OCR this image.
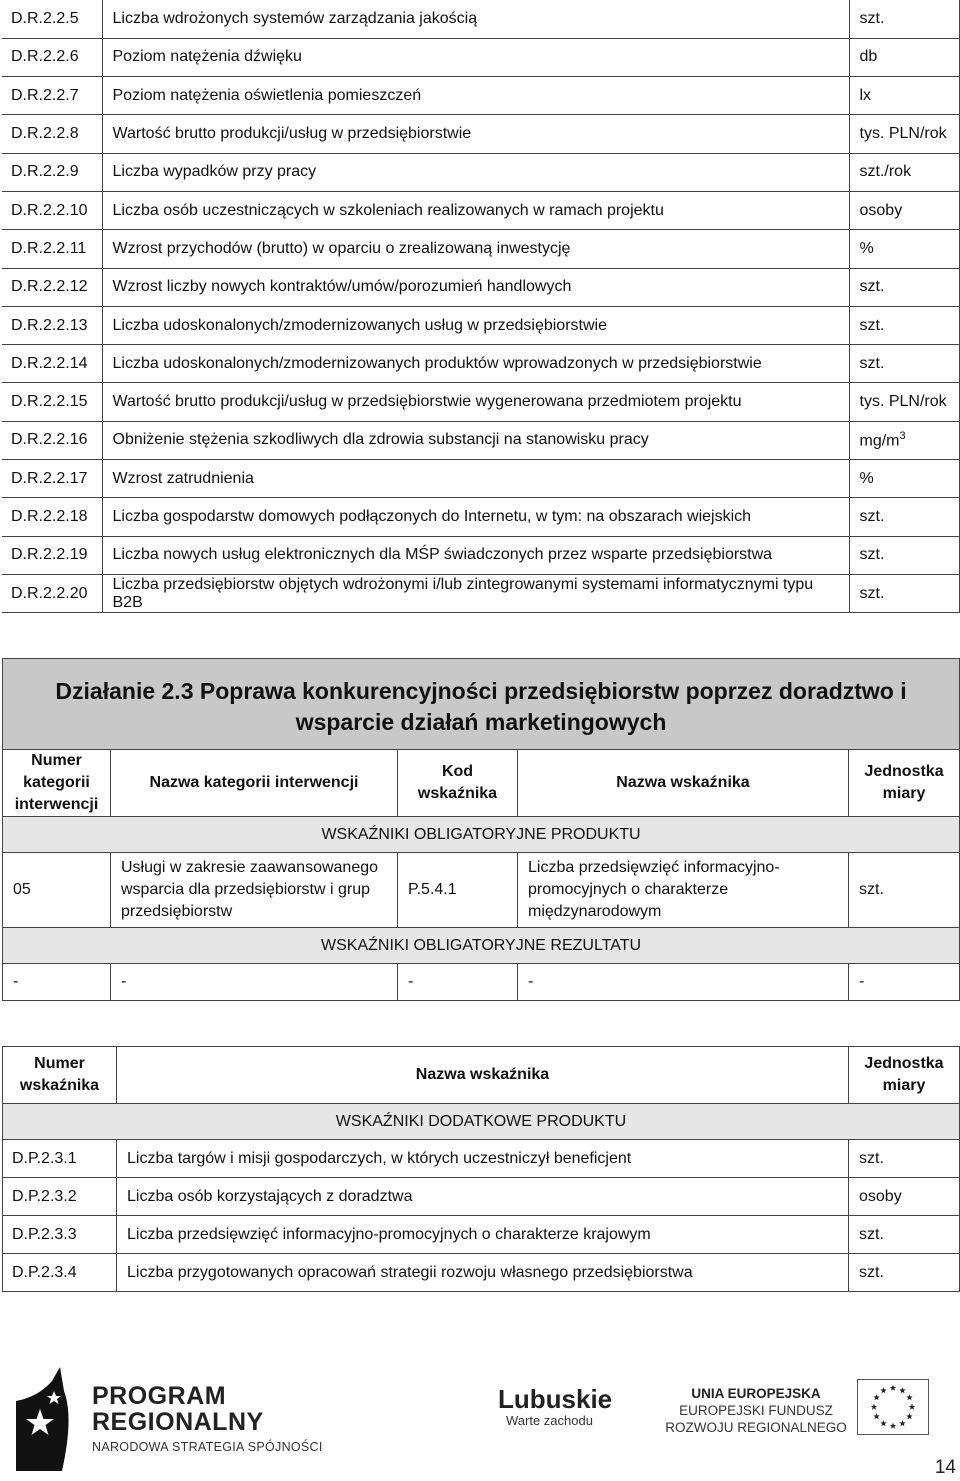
D.R.2.2.5	Liczba wdrożonych systemów zarządzania jakością	szt.
D.R.2.2.6	Poziom natężenia dźwięku	db
D.R.2.2.7	Poziom natężenia oświetlenia pomieszczeń	lx
D.R.2.2.8	Wartość brutto produkcji/usług w przedsiębiorstwie	tys. PLN/rok
D.R.2.2.9	Liczba wypadków przy pracy	szt./rok
D.R.2.2.10	Liczba osób uczestniczących w szkoleniach realizowanych w ramach projektu	osoby
D.R.2.2.11	Wzrost przychodów (brutto) w oparciu o zrealizowaną inwestycję	%
D.R.2.2.12	Wzrost liczby nowych kontraktów/umów/porozumień handlowych	szt.
D.R.2.2.13	Liczba udoskonalonych/zmodernizowanych usług w przedsiębiorstwie	szt.
D.R.2.2.14	Liczba udoskonalonych/zmodernizowanych produktów wprowadzonych w przedsiębiorstwie	szt.
D.R.2.2.15	Wartość brutto produkcji/usług w przedsiębiorstwie wygenerowana przedmiotem projektu	tys. PLN/rok
D.R.2.2.16	Obniżenie stężenia szkodliwych dla zdrowia substancji na stanowisku pracy	$mg/m^3$
D.R.2.2.17	Wzrost zatrudnienia	%
D.R.2.2.18	Liczba gospodarstw domowych podłączonych do Internetu, w tym: na obszarach wiejskich	szt.
D.R.2.2.19	Liczba nowych usług elektronicznych dla MŚP świadczonych przez wsparte przedsiębiorstwa	szt.
D.R.2.2.20	Liczba przedsiębiorstw objętych wdrożonymi i/lub zintegrowanymi systemami informatycznymi typu B2B	szt.
Działanie 2.3 Poprawa konkurencyjności przedsiębiorstw poprzez doradztwo i wsparcie działań marketingowych				
Numer kategorii interwencji	Nazwa kategorii interwencji	Kod wskaźnika	Nazwa wskaźnika	Jednostka miary
WSKAŹNIKI OBLIGATORYJNE PRODUKTU				
05	Usługi w zakresie zaawansowanego wsparcia dla przedsiębiorstw i grup przedsiębiorstw	P.5.4.1	Liczba przedsięwzięć informacyjno-promocyjnych o charakterze międzynarodowym	szt.
WSKAŹNIKI OBLIGATORYJNE REZULTATU				
-	-	-	-	-
Numer wskaźnika	Nazwa wskaźnika	Jednostka miary
WSKAŹNIKI DODATKOWE PRODUKTU		
D.P.2.3.1	Liczba targów i misji gospodarczych, w których uczestniczył beneficjent	szt.
D.P.2.3.2	Liczba osób korzystających z doradztwa	osoby
D.P.2.3.3	Liczba przedsięwzięć informacyjno-promocyjnych o charakterze krajowym	szt.
D.P.2.3.4	Liczba przygotowanych opracowań strategii rozwoju własnego przedsiębiorstwa	szt.
PROGRAM
REGIONALNY
NARODOWA STRATEGIA SPÓJNOŚCI
Lubuskie
Warte zachodu
UNIA EUROPEJSKA
EUROPEJSKI FUNDUSZ
ROZWOJU REGIONALNEGO
14
